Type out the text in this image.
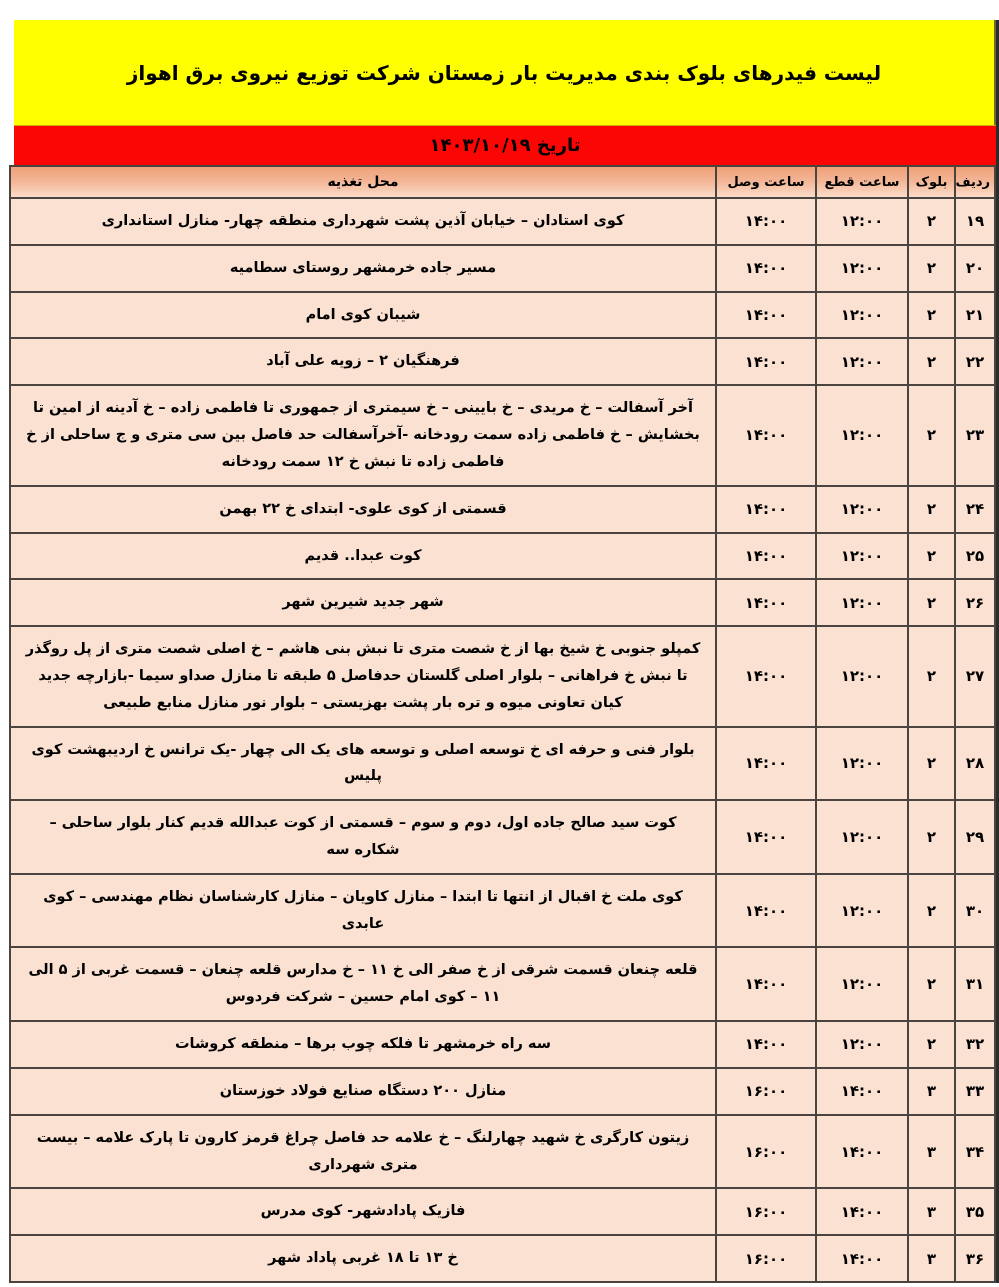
لیست فیدرهای بلوک بندی مدیریت بار زمستان شرکت توزیع نیروی برق اهواز
تاریخ ۱۴۰۳/۱۰/۱۹
ردیف	بلوک	ساعت قطع	ساعت وصل	محل تغذیه
۱۹	۲	۱۲:۰۰	۱۴:۰۰	کوی استادان – خیابان آذین پشت شهرداری منطقه چهار- منازل استانداری
۲۰	۲	۱۲:۰۰	۱۴:۰۰	مسیر جاده خرمشهر روستای سطامیه
۲۱	۲	۱۲:۰۰	۱۴:۰۰	شیبان کوی امام
۲۲	۲	۱۲:۰۰	۱۴:۰۰	فرهنگیان ۲ – زویه علی آباد
۲۳	۲	۱۲:۰۰	۱۴:۰۰	آخر آسفالت – خ مریدی – خ بایینی – خ سیمتری از جمهوری تا فاطمی زاده – خ آدینه از امین تا بخشایش – خ فاطمی زاده سمت رودخانه -آخرآسفالت حد فاصل بین سی متری و ج ساحلی از خ فاطمی زاده تا نبش خ ۱۲ سمت رودخانه
۲۴	۲	۱۲:۰۰	۱۴:۰۰	قسمتی از کوی علوی- ابتدای خ ۲۲ بهمن
۲۵	۲	۱۲:۰۰	۱۴:۰۰	کوت عبدا.. قدیم
۲۶	۲	۱۲:۰۰	۱۴:۰۰	شهر جدید شیرین شهر
۲۷	۲	۱۲:۰۰	۱۴:۰۰	کمپلو جنوبی خ شیخ بها از خ شصت متری تا نبش بنی هاشم – خ اصلی شصت متری از پل روگذر تا نبش خ فراهانی – بلوار اصلی گلستان حدفاصل ۵ طبقه تا منازل صداو سیما -بازارچه جدید کیان تعاونی میوه و تره بار پشت بهزیستی – بلوار نور منازل منابع طبیعی
۲۸	۲	۱۲:۰۰	۱۴:۰۰	بلوار فنی و حرفه ای خ توسعه اصلی و توسعه های یک الی چهار -یک ترانس خ اردیبهشت کوی پلیس
۲۹	۲	۱۲:۰۰	۱۴:۰۰	کوت سید صالح جاده اول، دوم و سوم – قسمتی از کوت عبدالله قدیم کنار بلوار ساحلی – شکاره سه
۳۰	۲	۱۲:۰۰	۱۴:۰۰	کوی ملت خ اقبال از انتها تا ابتدا – منازل کاویان – منازل کارشناسان نظام مهندسی – کوی عابدی
۳۱	۲	۱۲:۰۰	۱۴:۰۰	قلعه چنعان قسمت شرقی از خ صفر الی خ ۱۱ – خ مدارس قلعه چنعان – قسمت غربی از ۵ الی ۱۱ – کوی امام حسین – شرکت فردوس
۳۲	۲	۱۲:۰۰	۱۴:۰۰	سه راه خرمشهر تا فلکه چوب برها – منطقه کروشات
۳۳	۳	۱۴:۰۰	۱۶:۰۰	منازل ۲۰۰ دستگاه صنایع فولاد خوزستان
۳۴	۳	۱۴:۰۰	۱۶:۰۰	زیتون کارگری خ شهید چهارلنگ – خ علامه حد فاصل چراغ قرمز کارون تا پارک علامه – بیست متری شهرداری
۳۵	۳	۱۴:۰۰	۱۶:۰۰	فازیک پادادشهر- کوی مدرس
۳۶	۳	۱۴:۰۰	۱۶:۰۰	خ ۱۳ تا ۱۸ غربی پاداد شهر
